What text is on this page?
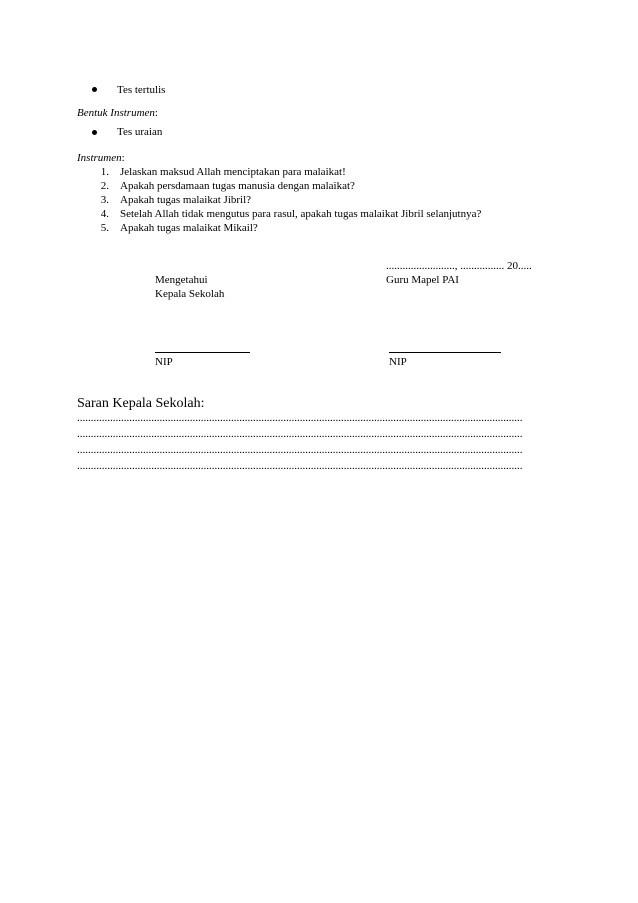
Tes tertulis
Bentuk Instrumen:
Tes uraian
Instrumen:
1. Jelaskan maksud Allah menciptakan para malaikat!
2. Apakah persdamaan tugas manusia dengan malaikat?
3. Apakah tugas malaikat Jibril?
4. Setelah Allah tidak mengutus para rasul, apakah tugas malaikat Jibril selanjutnya?
5. Apakah tugas malaikat Mikail?
........................., ................ 20.....
Mengetahui	Guru Mapel PAI
Kepala Sekolah
NIP	NIP
Saran Kepala Sekolah:
..................................................................................................................................................................
..................................................................................................................................................................
..................................................................................................................................................................
..................................................................................................................................................................
